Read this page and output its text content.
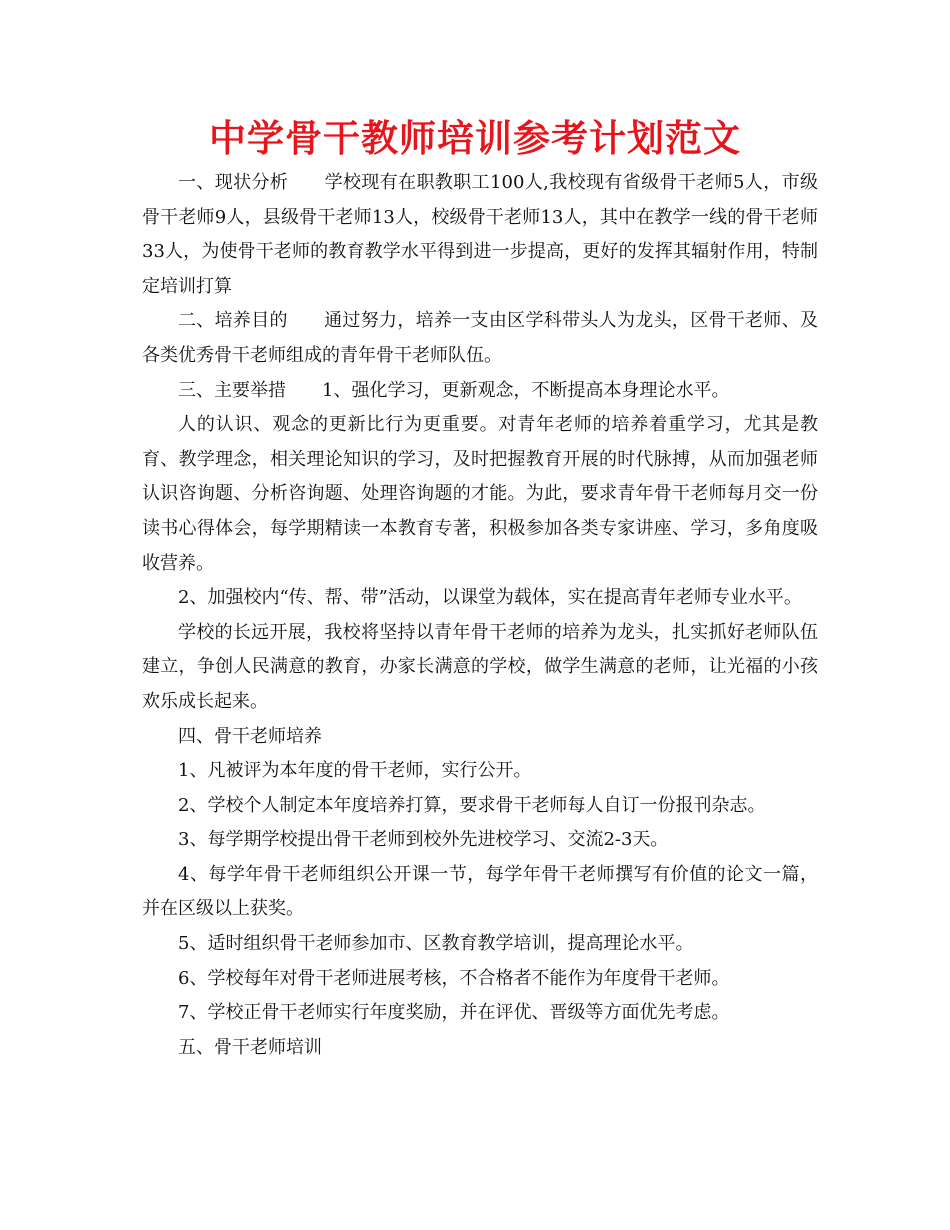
中学骨干教师培训参考计划范文

一、现状分析 学校现有在职教职工100人,我校现有省级骨干老师5人，市级骨干老师9人，县级骨干老师13人，校级骨干老师13人，其中在教学一线的骨干老师33人，为使骨干老师的教育教学水平得到进一步提高，更好的发挥其辐射作用，特制定培训打算

二、培养目的 通过努力，培养一支由区学科带头人为龙头，区骨干老师、及各类优秀骨干老师组成的青年骨干老师队伍。

三、主要举措 1、强化学习，更新观念，不断提高本身理论水平。

人的认识、观念的更新比行为更重要。对青年老师的培养着重学习，尤其是教育、教学理念，相关理论知识的学习，及时把握教育开展的时代脉搏，从而加强老师认识咨询题、分析咨询题、处理咨询题的才能。为此，要求青年骨干老师每月交一份读书心得体会，每学期精读一本教育专著，积极参加各类专家讲座、学习，多角度吸收营养。

2、加强校内“传、帮、带”活动，以课堂为载体，实在提高青年老师专业水平。

学校的长远开展，我校将坚持以青年骨干老师的培养为龙头，扎实抓好老师队伍建立，争创人民满意的教育，办家长满意的学校，做学生满意的老师，让光福的小孩欢乐成长起来。

四、骨干老师培养

1、凡被评为本年度的骨干老师，实行公开。

2、学校个人制定本年度培养打算，要求骨干老师每人自订一份报刊杂志。

3、每学期学校提出骨干老师到校外先进校学习、交流2-3天。

4、每学年骨干老师组织公开课一节，每学年骨干老师撰写有价值的论文一篇，并在区级以上获奖。

5、适时组织骨干老师参加市、区教育教学培训，提高理论水平。

6、学校每年对骨干老师进展考核，不合格者不能作为年度骨干老师。

7、学校正骨干老师实行年度奖励，并在评优、晋级等方面优先考虑。

五、骨干老师培训
